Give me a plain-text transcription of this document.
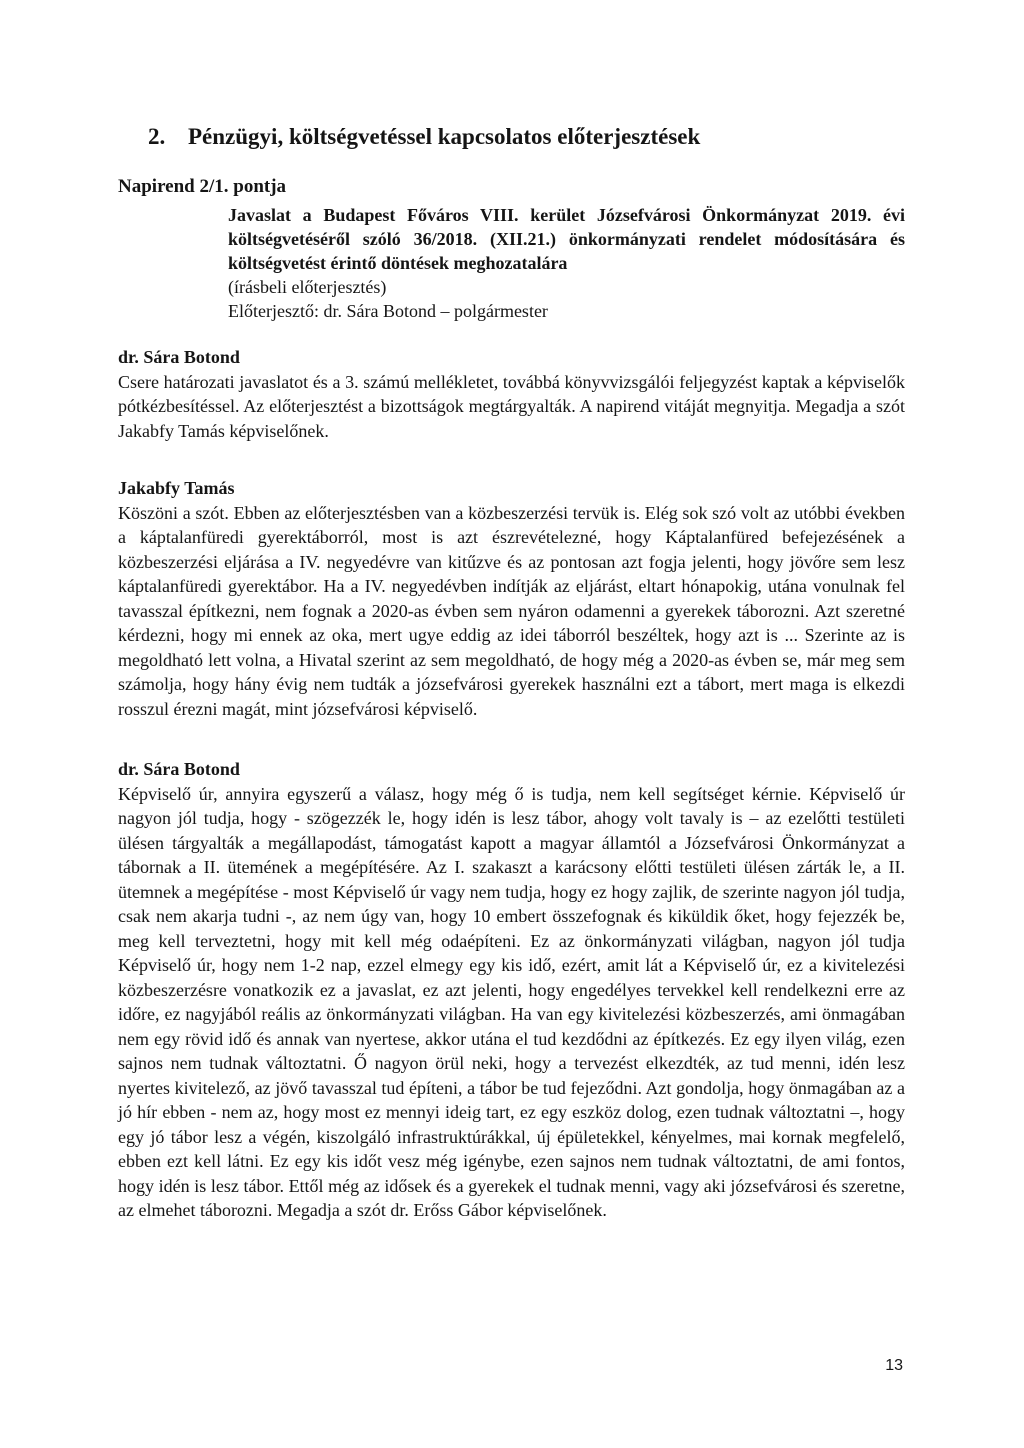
2. Pénzügyi, költségvetéssel kapcsolatos előterjesztések

Napirend 2/1. pontja

Javaslat a Budapest Főváros VIII. kerület Józsefvárosi Önkormányzat 2019. évi költségvetéséről szóló 36/2018. (XII.21.) önkormányzati rendelet módosítására és költségvetést érintő döntések meghozatalára
(írásbeli előterjesztés)
Előterjesztő: dr. Sára Botond – polgármester

dr. Sára Botond

Csere határozati javaslatot és a 3. számú mellékletet, továbbá könyvvizsgálói feljegyzést kaptak a képviselők pótkézbesítéssel. Az előterjesztést a bizottságok megtárgyalták. A napirend vitáját megnyitja. Megadja a szót Jakabfy Tamás képviselőnek.

Jakabfy Tamás

Köszöni a szót. Ebben az előterjesztésben van a közbeszerzési tervük is. Elég sok szó volt az utóbbi években a káptalanfüredi gyerektáborról, most is azt észrevételezné, hogy Káptalanfüred befejezésének a közbeszerzési eljárása a IV. negyedévre van kitűzve és az pontosan azt fogja jelenti, hogy jövőre sem lesz káptalanfüredi gyerektábor. Ha a IV. negyedévben indítják az eljárást, eltart hónapokig, utána vonulnak fel tavasszal építkezni, nem fognak a 2020-as évben sem nyáron odamenni a gyerekek táborozni. Azt szeretné kérdezni, hogy mi ennek az oka, mert ugye eddig az idei táborról beszéltek, hogy azt is ... Szerinte az is megoldható lett volna, a Hivatal szerint az sem megoldható, de hogy még a 2020-as évben se, már meg sem számolja, hogy hány évig nem tudták a józsefvárosi gyerekek használni ezt a tábort, mert maga is elkezdi rosszul érezni magát, mint józsefvárosi képviselő.

dr. Sára Botond

Képviselő úr, annyira egyszerű a válasz, hogy még ő is tudja, nem kell segítséget kérnie. Képviselő úr nagyon jól tudja, hogy - szögezzék le, hogy idén is lesz tábor, ahogy volt tavaly is – az ezelőtti testületi ülésen tárgyalták a megállapodást, támogatást kapott a magyar államtól a Józsefvárosi Önkormányzat a tábornak a II. ütemének a megépítésére. Az I. szakaszt a karácsony előtti testületi ülésen zárták le, a II. ütemnek a megépítése - most Képviselő úr vagy nem tudja, hogy ez hogy zajlik, de szerinte nagyon jól tudja, csak nem akarja tudni -, az nem úgy van, hogy 10 embert összefognak és kiküldik őket, hogy fejezzék be, meg kell terveztetni, hogy mit kell még odaépíteni. Ez az önkormányzati világban, nagyon jól tudja Képviselő úr, hogy nem 1-2 nap, ezzel elmegy egy kis idő, ezért, amit lát a Képviselő úr, ez a kivitelezési közbeszerzésre vonatkozik ez a javaslat, ez azt jelenti, hogy engedélyes tervekkel kell rendelkezni erre az időre, ez nagyjából reális az önkormányzati világban. Ha van egy kivitelezési közbeszerzés, ami önmagában nem egy rövid idő és annak van nyertese, akkor utána el tud kezdődni az építkezés. Ez egy ilyen világ, ezen sajnos nem tudnak változtatni. Ő nagyon örül neki, hogy a tervezést elkezdték, az tud menni, idén lesz nyertes kivitelező, az jövő tavasszal tud építeni, a tábor be tud fejeződni. Azt gondolja, hogy önmagában az a jó hír ebben - nem az, hogy most ez mennyi ideig tart, ez egy eszköz dolog, ezen tudnak változtatni –, hogy egy jó tábor lesz a végén, kiszolgáló infrastruktúrákkal, új épületekkel, kényelmes, mai kornak megfelelő, ebben ezt kell látni. Ez egy kis időt vesz még igénybe, ezen sajnos nem tudnak változtatni, de ami fontos, hogy idén is lesz tábor. Ettől még az idősek és a gyerekek el tudnak menni, vagy aki józsefvárosi és szeretne, az elmehet táborozni. Megadja a szót dr. Erőss Gábor képviselőnek.

13
